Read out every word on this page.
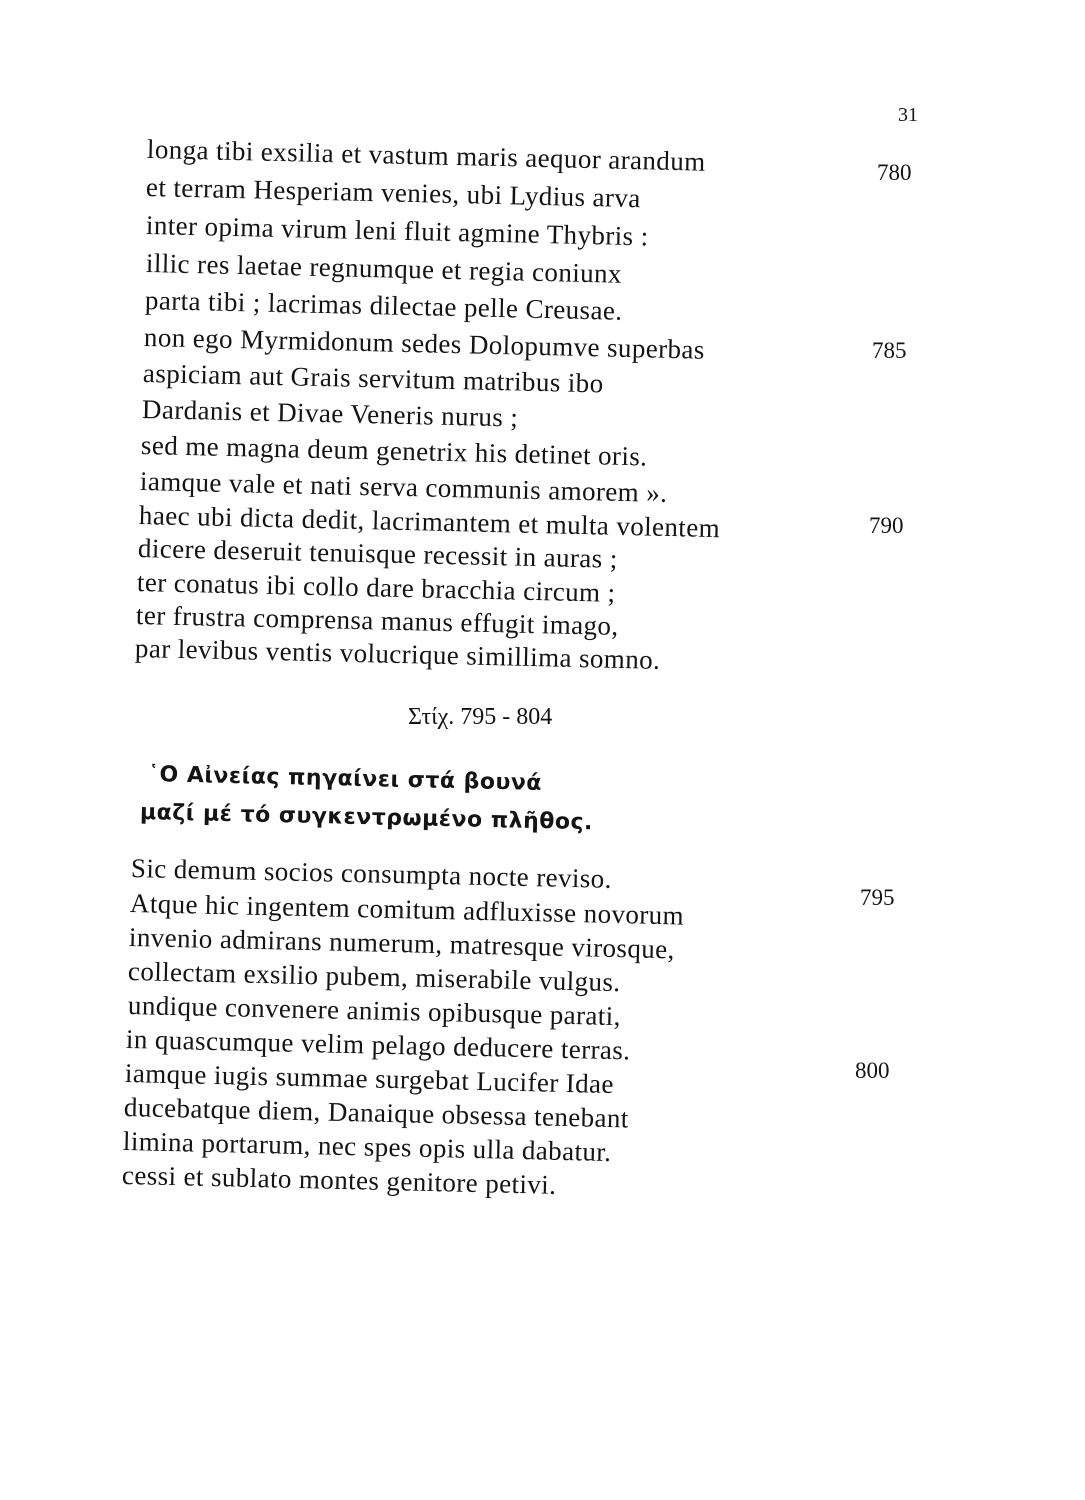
31
longa tibi exsilia et vastum maris aequor arandum
et terram Hesperiam venies, ubi Lydius arva
inter opima virum leni fluit agmine Thybris :
illic res laetae regnumque et regia coniunx
parta tibi ; lacrimas dilectae pelle Creusae.
non ego Myrmidonum sedes Dolopumve superbas
aspiciam aut Grais servitum matribus ibo
Dardanis et Divae Veneris nurus ;
sed me magna deum genetrix his detinet oris.
iamque vale et nati serva communis amorem ».
haec ubi dicta dedit, lacrimantem et multa volentem
dicere deseruit tenuisque recessit in auras ;
ter conatus ibi collo dare bracchia circum ;
ter frustra comprensa manus effugit imago,
par levibus ventis volucrique simillima somno.
780
785
790
Στίχ. 795 - 804
῾Ο Αἰνείας πηγαίνει στά βουνά
μαζί μέ τό συγκεντρωμένο πλῆθος.
Sic demum socios consumpta nocte reviso.
Atque hic ingentem comitum adfluxisse novorum
invenio admirans numerum, matresque virosque,
collectam exsilio pubem, miserabile vulgus.
undique convenere animis opibusque parati,
in quascumque velim pelago deducere terras.
iamque iugis summae surgebat Lucifer Idae
ducebatque diem, Danaique obsessa tenebant
limina portarum, nec spes opis ulla dabatur.
cessi et sublato montes genitore petivi.
795
800
